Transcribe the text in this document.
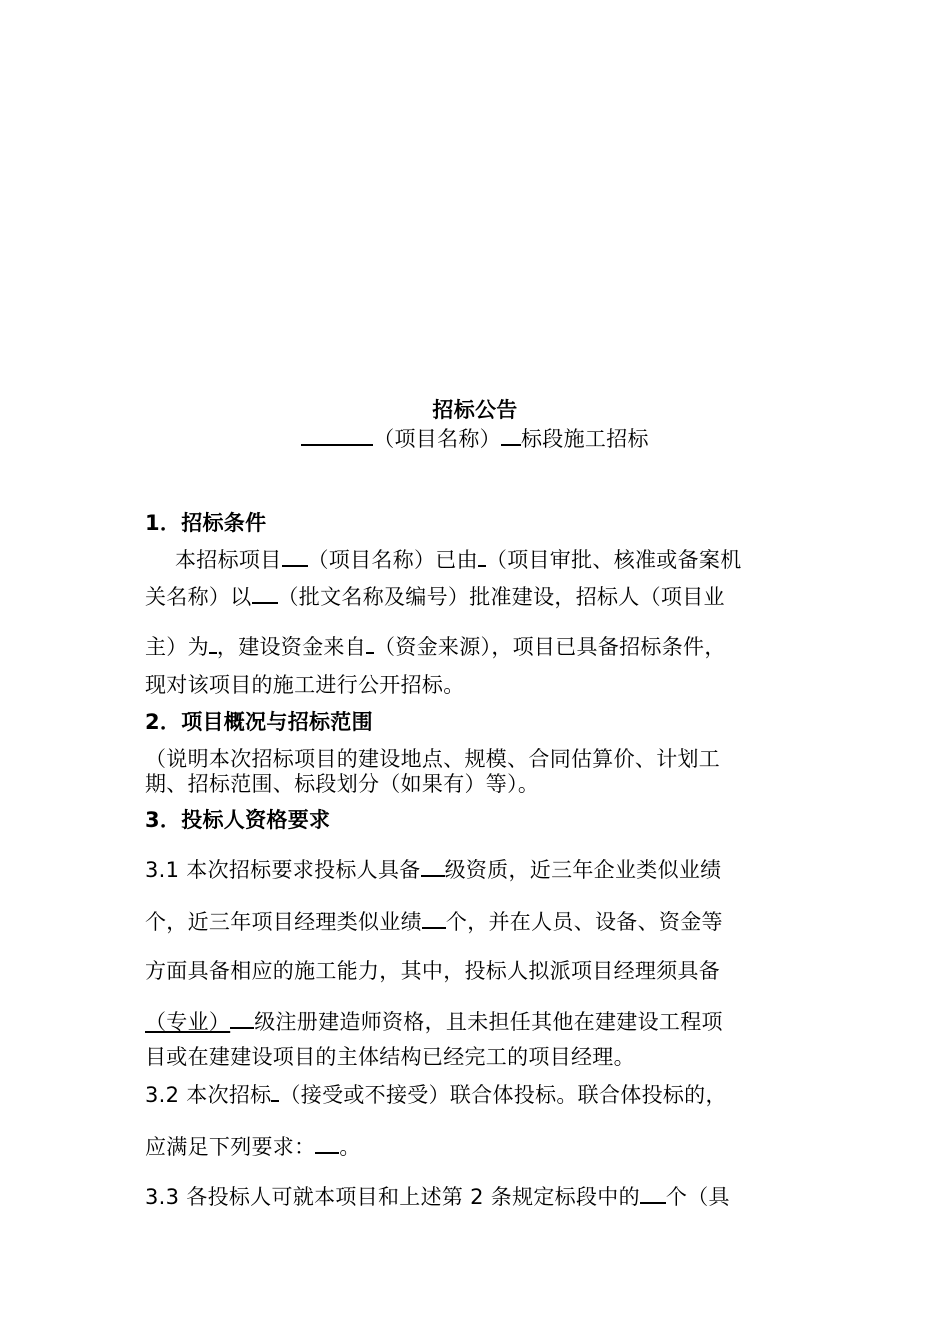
招标公告
（项目名称） 标段施工招标
1．招标条件
本招标项目 （项目名称）已由 （项目审批、核准或备案机
关名称）以 （批文名称及编号）批准建设，招标人（项目业
主）为 ，建设资金来自 （资金来源），项目已具备招标条件，
现对该项目的施工进行公开招标。
2．项目概况与招标范围
（说明本次招标项目的建设地点、规模、合同估算价、计划工
期、招标范围、标段划分（如果有）等）。
3．投标人资格要求
3.1 本次招标要求投标人具备 级资质，近三年企业类似业绩
个，近三年项目经理类似业绩 个，并在人员、设备、资金等
方面具备相应的施工能力，其中，投标人拟派项目经理须具备
（专业） 级注册建造师资格，且未担任其他在建建设工程项
目或在建建设项目的主体结构已经完工的项目经理。
3.2 本次招标 （接受或不接受）联合体投标。联合体投标的，
应满足下列要求： 。
3.3 各投标人可就本项目和上述第 2 条规定标段中的 个（具
